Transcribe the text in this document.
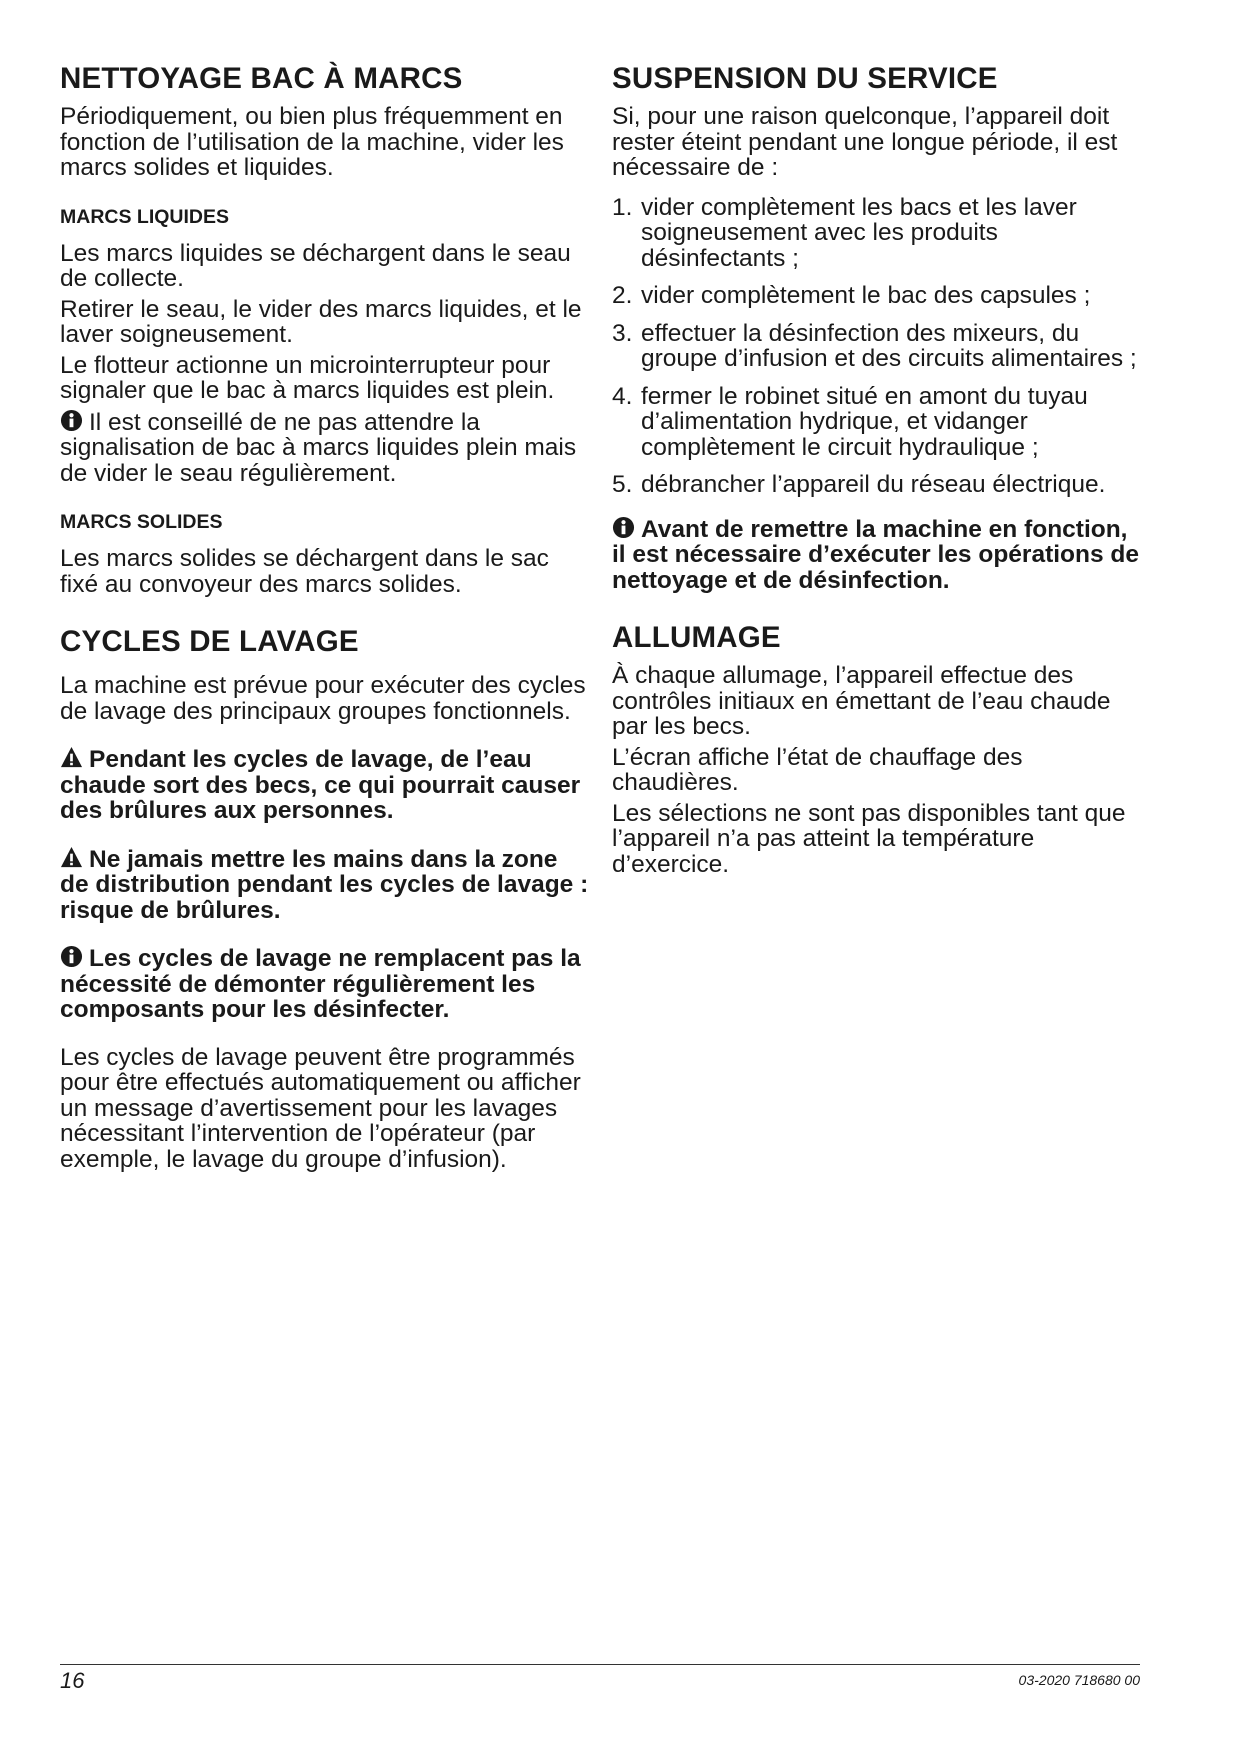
NETTOYAGE BAC À MARCS

Périodiquement, ou bien plus fréquemment en fonction de l’utilisation de la machine, vider les marcs solides et liquides.

MARCS LIQUIDES

Les marcs liquides se déchargent dans le seau de collecte.

Retirer le seau, le vider des marcs liquides, et le laver soigneusement.

Le flotteur actionne un microinterrupteur pour signaler que le bac à marcs liquides est plein.

Il est conseillé de ne pas attendre la signalisation de bac à marcs liquides plein mais de vider le seau régulièrement.

MARCS SOLIDES

Les marcs solides se déchargent dans le sac fixé au convoyeur des marcs solides.

CYCLES DE LAVAGE

La machine est prévue pour exécuter des cycles de lavage des principaux groupes fonctionnels.

Pendant les cycles de lavage, de l’eau chaude sort des becs, ce qui pourrait causer des brûlures aux personnes.

Ne jamais mettre les mains dans la zone de distribution pendant les cycles de lavage : risque de brûlures.

Les cycles de lavage ne remplacent pas la nécessité de démonter régulièrement les composants pour les désinfecter.

Les cycles de lavage peuvent être programmés pour être effectués automatiquement ou afficher un message d’avertissement pour les lavages nécessitant l’intervention de l’opérateur (par exemple, le lavage du groupe d’infusion).

SUSPENSION DU SERVICE

Si, pour une raison quelconque, l’appareil doit rester éteint pendant une longue période, il est nécessaire de :

1. vider complètement les bacs et les laver soigneusement avec les produits désinfectants ;
2. vider complètement le bac des capsules ;
3. effectuer la désinfection des mixeurs, du groupe d’infusion et des circuits alimentaires ;
4. fermer le robinet situé en amont du tuyau d’alimentation hydrique, et vidanger complètement le circuit hydraulique ;
5. débrancher l’appareil du réseau électrique.

Avant de remettre la machine en fonction, il est nécessaire d’exécuter les opérations de nettoyage et de désinfection.

ALLUMAGE

À chaque allumage, l’appareil effectue des contrôles initiaux en émettant de l’eau chaude par les becs.

L’écran affiche l’état de chauffage des chaudières.

Les sélections ne sont pas disponibles tant que l’appareil n’a pas atteint la température d’exercice.

16	03-2020 718680 00
